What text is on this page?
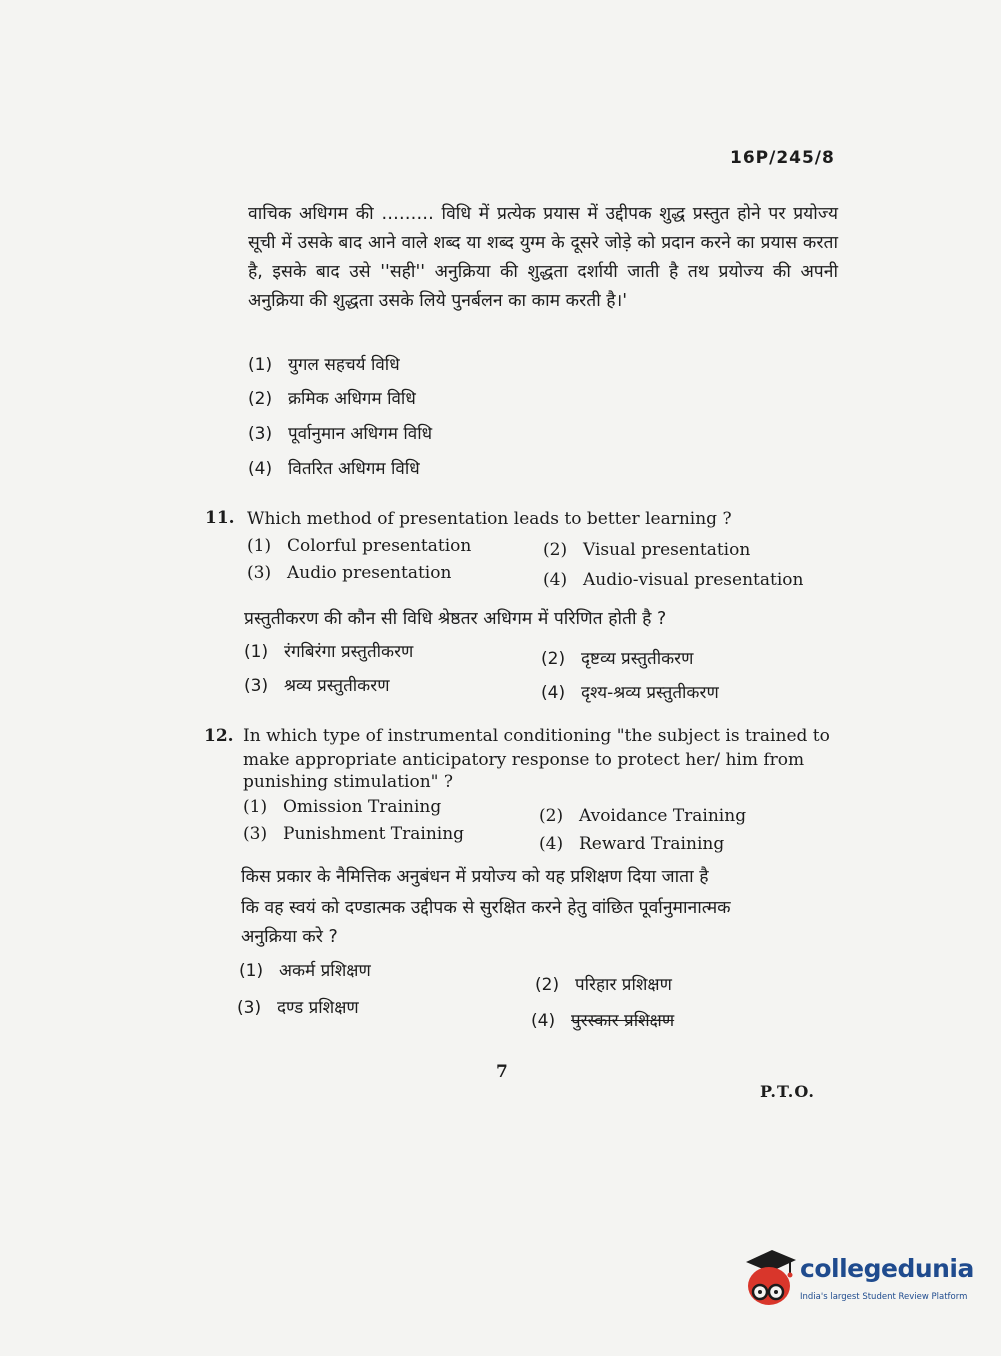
16P/245/8
वाचिक अधिगम की ……… विधि में प्रत्येक प्रयास में उद्दीपक शुद्ध प्रस्तुत होने पर प्रयोज्य सूची में उसके बाद आने वाले शब्द या शब्द युग्म के दूसरे जोड़े को प्रदान करने का प्रयास करता है, इसके बाद उसे ''सही'' अनुक्रिया की शुद्धता दर्शायी जाती है तथ प्रयोज्य की अपनी अनुक्रिया की शुद्धता उसके लिये पुनर्बलन का काम करती है।'
(1) युगल सहचर्य विधि
(2) क्रमिक अधिगम विधि
(3) पूर्वानुमान अधिगम विधि
(4) वितरित अधिगम विधि
11. Which method of presentation leads to better learning ?
(1) Colorful presentation	(2) Visual presentation
(3) Audio presentation	(4) Audio-visual presentation
प्रस्तुतीकरण की कौन सी विधि श्रेष्ठतर अधिगम में परिणित होती है ?
(1) रंगबिरंगा प्रस्तुतीकरण	(2) दृष्टव्य प्रस्तुतीकरण
(3) श्रव्य प्रस्तुतीकरण	(4) दृश्य-श्रव्य प्रस्तुतीकरण
12. In which type of instrumental conditioning "the subject is trained to
make appropriate anticipatory response to protect her/ him from
punishing stimulation" ?
(1) Omission Training	(2) Avoidance Training
(3) Punishment Training	(4) Reward Training
किस प्रकार के नैमित्तिक अनुबंधन में प्रयोज्य को यह प्रशिक्षण दिया जाता है
कि वह स्वयं को दण्डात्मक उद्दीपक से सुरक्षित करने हेतु वांछित पूर्वानुमानात्मक
अनुक्रिया करे ?
(1) अकर्म प्रशिक्षण
(2) परिहार प्रशिक्षण
(3) दण्ड प्रशिक्षण
(4) पुरस्कार प्रशिक्षण
7
P.T.O.
collegedunia
India's largest Student Review Platform
